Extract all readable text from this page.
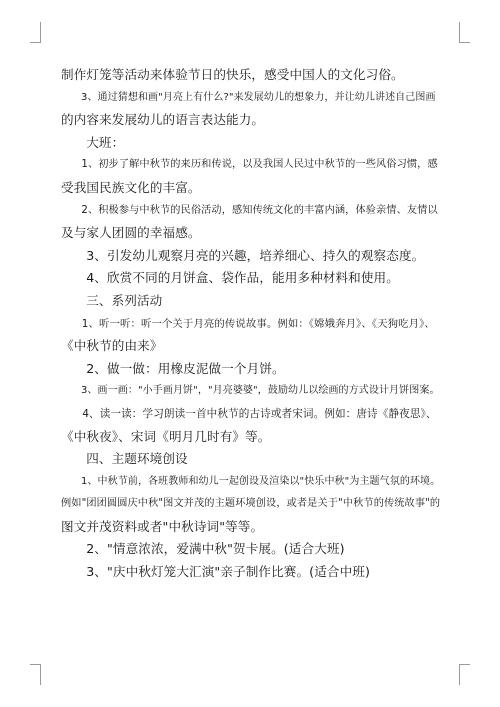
制作灯笼等活动来体验节日的快乐，感受中国人的文化习俗。

3、通过猜想和画"月亮上有什么?"来发展幼儿的想象力，并让幼儿讲述自己图画

的内容来发展幼儿的语言表达能力。

大班：

1、初步了解中秋节的来历和传说，以及我国人民过中秋节的一些风俗习惯，感

受我国民族文化的丰富。

2、积极参与中秋节的民俗活动，感知传统文化的丰富内涵，体验亲情、友情以

及与家人团圆的幸福感。

3、引发幼儿观察月亮的兴趣，培养细心、持久的观察态度。

4、欣赏不同的月饼盒、袋作品，能用多种材料和使用。

三、系列活动

1、听一听：听一个关于月亮的传说故事。例如：《嫦娥奔月》、《天狗吃月》、

《中秋节的由来》

2、做一做：用橡皮泥做一个月饼。

3、画一画："小手画月饼"，"月亮婆婆"，鼓励幼儿以绘画的方式设计月饼图案。

4、读一读：学习朗读一首中秋节的古诗或者宋词。例如：唐诗《静夜思》、

《中秋夜》、宋词《明月几时有》等。

四、主题环境创设

1、中秋节前，各班教师和幼儿一起创设及渲染以"快乐中秋"为主题气氛的环境。

例如"团团圆圆庆中秋"图文并茂的主题环境创设，或者是关于"中秋节的传统故事"的

图文并茂资料或者"中秋诗词"等等。

2、"情意浓浓，爱满中秋"贺卡展。(适合大班)

3、"庆中秋灯笼大汇演"亲子制作比赛。(适合中班)
